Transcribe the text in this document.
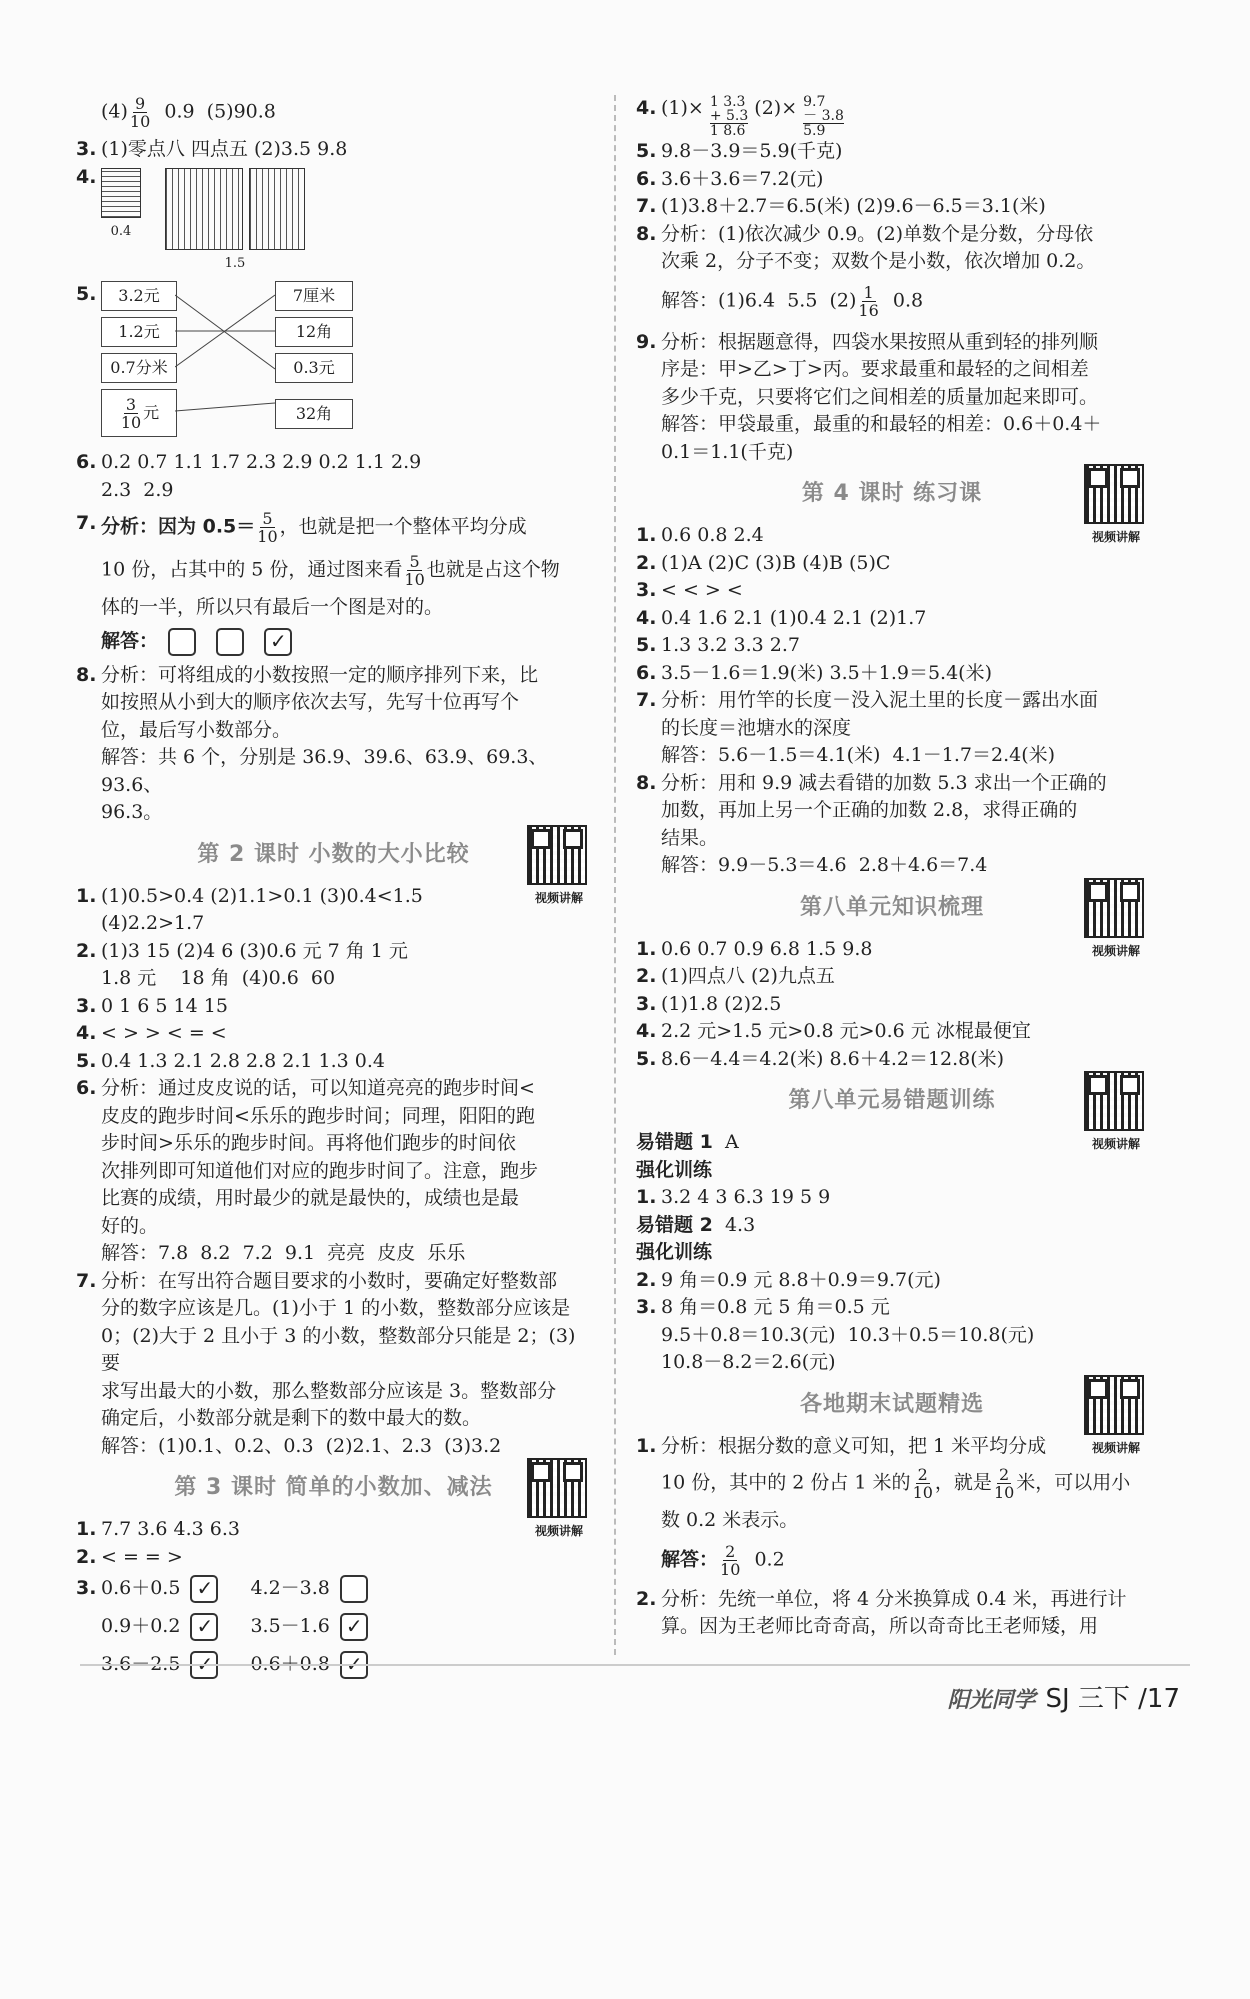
$(4) \frac{9}{10} 0.9$  (5)90.8
3. (1)零点八 四点五 (2)3.5 9.8
4.
0.4
1.5
5.	3.2元
1.2元
0.7分米
$\frac{3}{10}$ 元
7厘米
12角
0.3元
32角
6. 0.2 0.7 1.1 1.7 2.3 2.9 0.2 1.1 2.9
2.3  2.9
7. 分析：因为 $0.5= \frac{5}{10}$ ，也就是把一个整体平均分成
10 份，占其中的 5 份，通过图来看 $\frac{5}{10}$ 也就是占这个物
体的一半，所以只有最后一个图是对的。
解答： ✓
8. 分析：可将组成的小数按照一定的顺序排列下来，比
如按照从小到大的顺序依次去写，先写十位再写个
位，最后写小数部分。
解答：共 6 个，分别是 36.9、39.6、63.9、69.3、93.6、
96.3。
第 2 课时 小数的大小比较
视频讲解
1. (1)0.5>0.4 (2)1.1>0.1 (3)0.4<1.5
(4)2.2>1.7
2. (1)3 15 (2)4 6 (3)0.6 元 7 角 1 元
1.8 元    18 角  (4)0.6  60
3. 0 1 6 5 14 15
4. < > > < = <
5. 0.4 1.3 2.1 2.8 2.8 2.1 1.3 0.4
6. 分析：通过皮皮说的话，可以知道亮亮的跑步时间<
皮皮的跑步时间<乐乐的跑步时间；同理，阳阳的跑
步时间>乐乐的跑步时间。再将他们跑步的时间依
次排列即可知道他们对应的跑步时间了。注意，跑步
比赛的成绩，用时最少的就是最快的，成绩也是最
好的。
解答：7.8  8.2  7.2  9.1  亮亮  皮皮  乐乐
7. 分析：在写出符合题目要求的小数时，要确定好整数部
分的数字应该是几。(1)小于 1 的小数，整数部分应该是
0；(2)大于 2 且小于 3 的小数，整数部分只能是 2；(3)要
求写出最大的小数，那么整数部分应该是 3。整数部分
确定后，小数部分就是剩下的数中最大的数。
解答：(1)0.1、0.2、0.3  (2)2.1、2.3  (3)3.2
第 3 课时 简单的小数加、减法
视频讲解
1. 7.7 3.6 4.3 6.3
2. < = = >
3. 0.6＋0.5 ✓	4.2－3.8
0.9＋0.2 ✓	3.5－1.6✓
3.6－2.5 ✓	0.6＋0.8✓
4. (1)× 1 3.3
+ 5.3
1 8.6
(2)× 9.7
－ 3.8
5.9
5. 9.8－3.9＝5.9(千克)
6. 3.6＋3.6＝7.2(元)
7. (1)3.8＋2.7＝6.5(米) (2)9.6－6.5＝3.1(米)
8. 分析：(1)依次减少 0.9。(2)单数个是分数，分母依
次乘 2，分子不变；双数个是小数，依次增加 0.2。
解答：(1)6.4  5.5  $(2) \frac{1}{16} 0.8$
9. 分析：根据题意得，四袋水果按照从重到轻的排列顺
序是：甲>乙>丁>丙。要求最重和最轻的之间相差
多少千克，只要将它们之间相差的质量加起来即可。
解答：甲袋最重，最重的和最轻的相差：0.6＋0.4＋
0.1＝1.1(千克)
第 4 课时 练习课
视频讲解
1. 0.6 0.8 2.4
2. (1)A (2)C (3)B (4)B (5)C
3. < < > <
4. 0.4 1.6 2.1 (1)0.4 2.1 (2)1.7
5. 1.3 3.2 3.3 2.7
6. 3.5－1.6＝1.9(米) 3.5＋1.9＝5.4(米)
7. 分析：用竹竿的长度－没入泥土里的长度－露出水面
的长度＝池塘水的深度
解答：5.6－1.5＝4.1(米)  4.1－1.7＝2.4(米)
8. 分析：用和 9.9 减去看错的加数 5.3 求出一个正确的
加数，再加上另一个正确的加数 2.8，求得正确的
结果。
解答：9.9－5.3＝4.6  2.8＋4.6＝7.4
第八单元知识梳理
视频讲解
1. 0.6 0.7 0.9 6.8 1.5 9.8
2. (1)四点八 (2)九点五
3. (1)1.8 (2)2.5
4. 2.2 元>1.5 元>0.8 元>0.6 元 冰棍最便宜
5. 8.6－4.4＝4.2(米) 8.6＋4.2＝12.8(米)
第八单元易错题训练
视频讲解
易错题 1 A
强化训练
1. 3.2 4 3 6.3 19 5 9
易错题 2 4.3
强化训练
2. 9 角＝0.9 元 8.8＋0.9＝9.7(元)
3. 8 角＝0.8 元 5 角＝0.5 元
9.5＋0.8＝10.3(元)  10.3＋0.5＝10.8(元)
10.8－8.2＝2.6(元)
各地期末试题精选
视频讲解
1. 分析：根据分数的意义可知，把 1 米平均分成
10 份，其中的 2 份占 1 米的 $\frac{2}{10}$ ，就是 $\frac{2}{10}$ 米，可以用小
数 0.2 米表示。
解答： $\frac{2}{10} 0.2$
2. 分析：先统一单位，将 4 分米换算成 0.4 米，再进行计
算。因为王老师比奇奇高，所以奇奇比王老师矮，用
阳光同学 SJ 三下 /17
